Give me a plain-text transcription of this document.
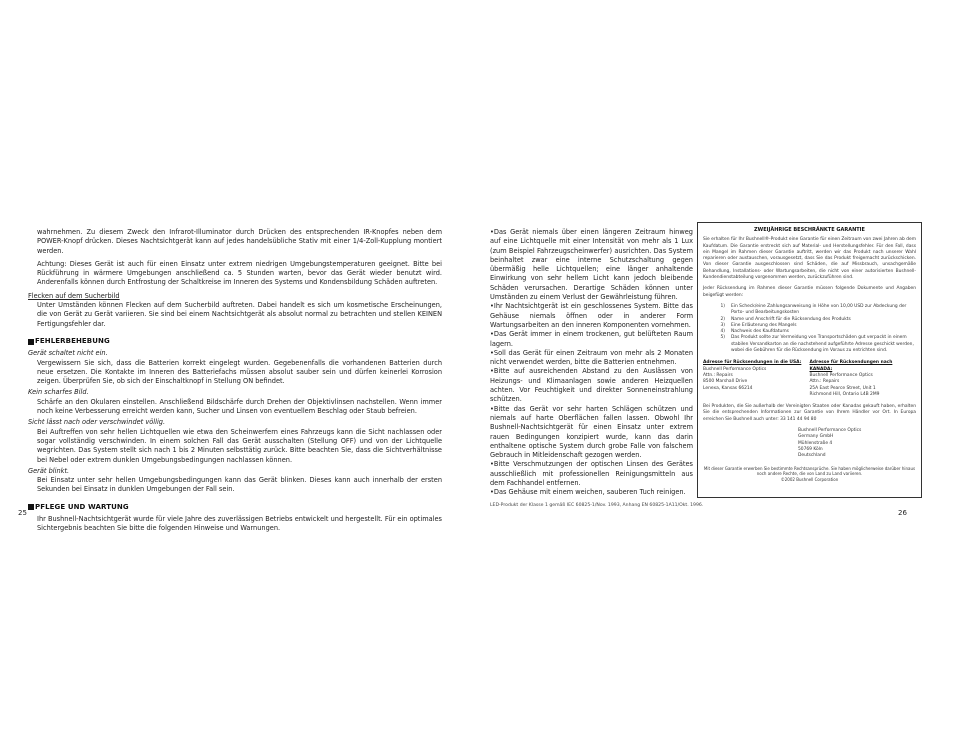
wahrnehmen. Zu diesem Zweck den Infrarot-Illuminator durch Drücken des entsprechenden IR-Knopfes neben dem POWER-Knopf drücken. Dieses Nachtsichtgerät kann auf jedes handelsübliche Stativ mit einer 1/4-Zoll-Kupplung montiert werden.

Achtung: Dieses Gerät ist auch für einen Einsatz unter extrem niedrigen Umgebungstemperaturen geeignet. Bitte bei Rückführung in wärmere Umgebungen anschließend ca. 5 Stunden warten, bevor das Gerät wieder benutzt wird. Anderenfalls können durch Entfrostung der Schaltkreise im Inneren des Systems und Kondensbildung Schäden auftreten.

Flecken auf dem Sucherbild

Unter Umständen können Flecken auf dem Sucherbild auftreten. Dabei handelt es sich um kosmetische Erscheinungen, die von Gerät zu Gerät variieren. Sie sind bei einem Nachtsichtgerät als absolut normal zu betrachten und stellen KEINEN Fertigungsfehler dar.

FEHLERBEHEBUNG

Gerät schaltet nicht ein.

Vergewissern Sie sich, dass die Batterien korrekt eingelegt wurden. Gegebenenfalls die vorhandenen Batterien durch neue ersetzen. Die Kontakte im Inneren des Batteriefachs müssen absolut sauber sein und dürfen keinerlei Korrosion zeigen. Überprüfen Sie, ob sich der Einschaltknopf in Stellung ON befindet.

Kein scharfes Bild.

Schärfe an den Okularen einstellen. Anschließend Bildschärfe durch Drehen der Objektivlinsen nachstellen. Wenn immer noch keine Verbesserung erreicht werden kann, Sucher und Linsen von eventuellem Beschlag oder Staub befreien.

Sicht lässt nach oder verschwindet völlig.

Bei Auftreffen von sehr hellen Lichtquellen wie etwa den Scheinwerfern eines Fahrzeugs kann die Sicht nachlassen oder sogar vollständig verschwinden. In einem solchen Fall das Gerät ausschalten (Stellung OFF) und von der Lichtquelle wegrichten. Das System stellt sich nach 1 bis 2 Minuten selbsttätig zurück. Bitte beachten Sie, dass die Sichtverhältnisse bei Nebel oder extrem dunklen Umgebungsbedingungen nachlassen können.

Gerät blinkt.

Bei Einsatz unter sehr hellen Umgebungsbedingungen kann das Gerät blinken. Dieses kann auch innerhalb der ersten Sekunden bei Einsatz in dunklen Umgebungen der Fall sein.

PFLEGE UND WARTUNG

Ihr Bushnell-Nachtsichtgerät wurde für viele Jahre des zuverlässigen Betriebs entwickelt und hergestellt. Für ein optimales Sichtergebnis beachten Sie bitte die folgenden Hinweise und Warnungen.

25

•Das Gerät niemals über einen längeren Zeitraum hinweg auf eine Lichtquelle mit einer Intensität von mehr als 1 Lux (zum Beispiel Fahrzeugscheinwerfer) ausrichten. Das System beinhaltet zwar eine interne Schutzschaltung gegen übermäßig helle Lichtquellen; eine länger anhaltende Einwirkung von sehr hellem Licht kann jedoch bleibende Schäden verursachen. Derartige Schäden können unter Umständen zu einem Verlust der Gewährleistung führen.

•Ihr Nachtsichtgerät ist ein geschlossenes System. Bitte das Gehäuse niemals öffnen oder in anderer Form Wartungsarbeiten an den inneren Komponenten vornehmen.

•Das Gerät immer in einem trockenen, gut belüfteten Raum lagern.

•Soll das Gerät für einen Zeitraum von mehr als 2 Monaten nicht verwendet werden, bitte die Batterien entnehmen.

•Bitte auf ausreichenden Abstand zu den Auslässen von Heizungs- und Klimaanlagen sowie anderen Heizquellen achten. Vor Feuchtigkeit und direkter Sonneneinstrahlung schützen.

•Bitte das Gerät vor sehr harten Schlägen schützen und niemals auf harte Oberflächen fallen lassen. Obwohl Ihr Bushnell-Nachtsichtgerät für einen Einsatz unter extrem rauen Bedingungen konzipiert wurde, kann das darin enthaltene optische System durch grobe Falle von falschem Gebrauch in Mitleidenschaft gezogen werden.

•Bitte Verschmutzungen der optischen Linsen des Gerätes ausschließlich mit professionellen Reinigungsmitteln aus dem Fachhandel entfernen.

•Das Gehäuse mit einem weichen, sauberen Tuch reinigen.

LED-Produkt der Klasse 1 gemäß IEC 60825-1/Nov. 1993, Anhang EN 60825-1A11/Okt. 1996.
ZWEIJÄHRIGE BESCHRÄNKTE GARANTIE
Sie erhalten für Ihr Bushnell®-Produkt eine Garantie für einen Zeitraum von zwei Jahren ab dem Kaufdatum. Die Garantie erstreckt sich auf Material- und Herstellungsfehler. Für den Fall, dass ein Mangel im Rahmen dieser Garantie auftritt, werden wir das Produkt nach unserer Wahl reparieren oder austauschen, vorausgesetzt, dass Sie das Produkt freigemacht zurückschicken. Von dieser Garantie ausgeschlossen sind Schäden, die auf Missbrauch, unsachgemäße Behandlung, Installations- oder Wartungsarbeiten, die nicht von einer autorisierten Bushnell-Kundendienstabteilung vorgenommen werden, zurückzuführen sind.
Jeder Rücksendung im Rahmen dieser Garantie müssen folgende Dokumente und Angaben beigefügt werden:
1)	Ein Scheck/eine Zahlungsanweisung in Höhe von 10,00 USD zur Abdeckung der Porto- und Bearbeitungskosten
2)	Name und Anschrift für die Rücksendung des Produkts
3)	Eine Erläuterung des Mangels
4)	Nachweis des Kaufdatums
5)	Das Produkt sollte zur Vermeidung von Transportschäden gut verpackt in einem stabilen Versandkarton an die nachstehend aufgeführte Adresse geschickt werden, wobei die Gebühren für die Rücksendung im Voraus zu entrichten sind.
Adresse für Rücksendungen in die USA:
Bushnell Performance Optics
Attn.: Repairs
8500 Marshall Drive
Lenexa, Kansas 66214
Adresse für Rücksendungen nach KANADA:
Bushnell Performance Optics
Attn.: Repairs
25A East Pearce Street, Unit 1
Richmond Hill, Ontario L4B 2M9
Bei Produkten, die Sie außerhalb der Vereinigten Staaten oder Kanadas gekauft haben, erhalten Sie die entsprechenden Informationen zur Garantie von Ihrem Händler vor Ort. In Europa erreichen Sie Bushnell auch unter: 33 141 44 94 80
Bushnell Performance Optics
Germany GmbH
Mühlenstraße 4
50769 Köln
Deutschland
Mit dieser Garantie erwerben Sie bestimmte Rechtsansprüche. Sie haben möglicherweise darüber hinaus noch andere Rechte, die von Land zu Land variieren.
©2002 Bushnell Corporation
26
